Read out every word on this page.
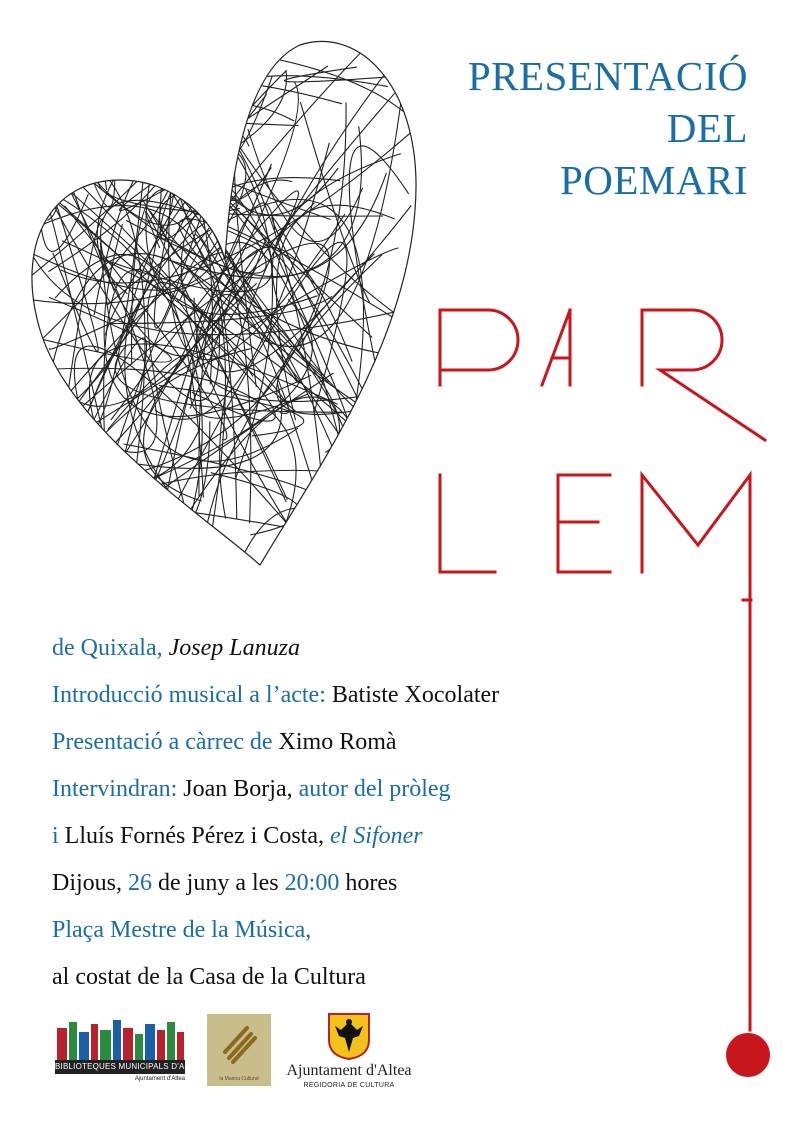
PRESENTACIÓ
DEL
POEMARI
de Quixala, Josep Lanuza
Introducció musical a l’acte: Batiste Xocolater
Presentació a càrrec de Ximo Romà
Intervindran: Joan Borja, autor del pròleg
i Lluís Fornés Pérez i Costa, el Sifoner
Dijous, 26 de juny a les 20:00 hores
Plaça Mestre de la Música,
al costat de la Casa de la Cultura
BIBLIOTEQUES MUNICIPALS D'ALTEA
Ajuntament d'Altea	la Marina Cultural	Ajuntament d'Altea
REGIDORIA DE CULTURA
